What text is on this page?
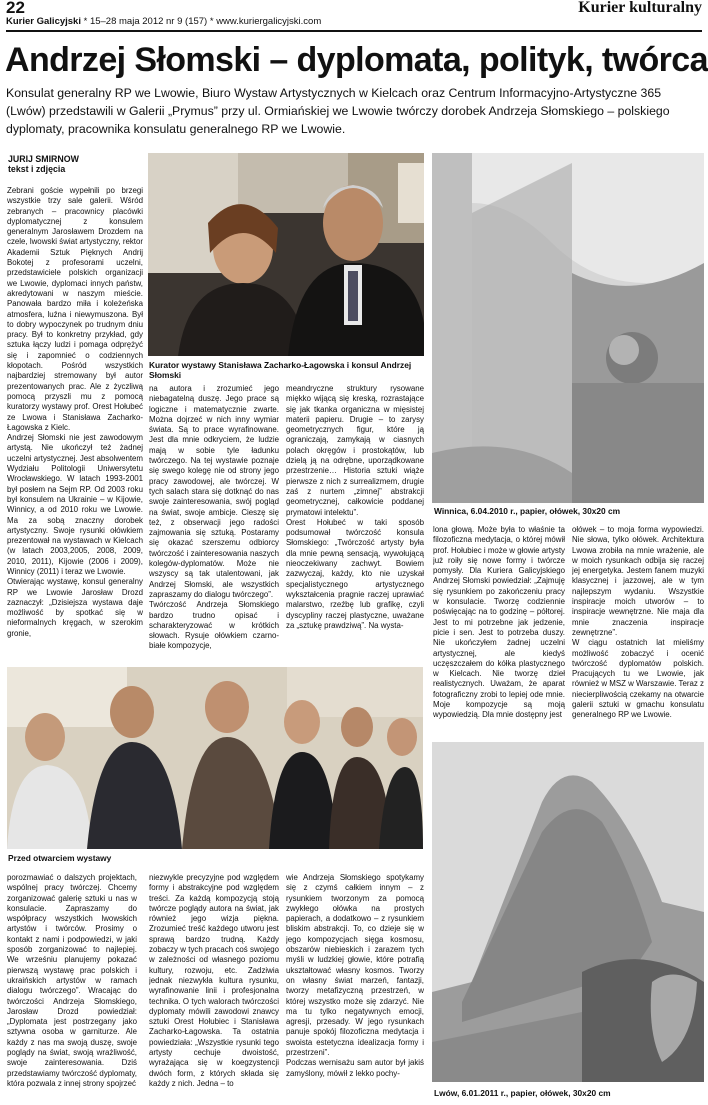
22
Kurier Galicyjski * 15–28 maja 2012 nr 9 (157) * www.kuriergalicyjski.com
Kurier kulturalny
Andrzej Słomski – dyplomata, polityk, twórca
Konsulat generalny RP we Lwowie, Biuro Wystaw Artystycznych w Kielcach oraz Centrum Informacyjno-Artystyczne 365 (Lwów) przedstawili w Galerii „Prymus” przy ul. Ormiańskiej we Lwowie twórczy dorobek Andrzeja Słomskiego – polskiego dyplomaty, pracownika konsulatu generalnego RP we Lwowie.
JURIJ SMIRNOW
tekst i zdjęcia
Zebrani goście wypełnili po brzegi wszystkie trzy sale galerii. Wśród zebranych – pracownicy placówki dyplomatycznej z konsulem generalnym Jarosławem Drozdem na czele, lwowski świat artystyczny, rektor Akademii Sztuk Pięknych Andrij Bokotej z profesorami uczelni, przedstawiciele polskich organizacji we Lwowie, dyplomaci innych państw, akredytowani w naszym mieście. Panowała bardzo miła i koleżeńska atmosfera, luźna i niewymuszona. Był to dobry wypoczynek po trudnym dniu pracy. Był to konkretny przykład, gdy sztuka łączy ludzi i pomaga odprężyć się i zapomnieć o codziennych kłopotach. Pośród wszystkich najbardziej stremowany był autor prezentowanych prac. Ale z życzliwą pomocą przyszli mu z pomocą kuratorzy wystawy prof. Orest Hołubeć ze Lwowa i Stanisława Zacharko-Łagowska z Kielc.
Andrzej Słomski nie jest zawodowym artystą. Nie ukończył też żadnej uczelni artystycznej. Jest absolwentem Wydziału Politologii Uniwersytetu Wrocławskiego. W latach 1993-2001 był posłem na Sejm RP. Od 2003 roku był konsulem na Ukrainie – w Kijowie, Winnicy, a od 2010 roku we Lwowie. Ma za sobą znaczny dorobek artystyczny. Swoje rysunki ołówkiem prezentował na wystawach w Kielcach (w latach 2003,2005, 2008, 2009, 2010, 2011), Kijowie (2006 i 2009), Winnicy (2011) i teraz we Lwowie.
Otwierając wystawę, konsul generalny RP we Lwowie Jarosław Drozd zaznaczył: „Dzisiejsza wystawa daje możliwość by spotkać się w nieformalnych kręgach, w szerokim gronie,
Kurator wystawy Stanisława Zacharko-Łagowska i konsul Andrzej Słomski
na autora i zrozumieć jego niebagatelną duszę. Jego prace są logiczne i matematycznie zwarte. Można dojrzeć w nich inny wymiar świata. Są to prace wyrafinowane. Jest dla mnie odkryciem, że ludzie mają w sobie tyle ładunku twórczego. Na tej wystawie poznaje się swego kolegę nie od strony jego pracy zawodowej, ale twórczej. W tych salach stara się dotknąć do nas swoje zainteresowania, swój pogląd na świat, swoje ambicje. Cieszę się też, z obserwacji jego radości zajmowania się sztuką. Postaramy się okazać szerszemu odbiorcy twórczość i zainteresowania naszych kolegów-dyplomatów. Może nie wszyscy są tak utalentowani, jak Andrzej Słomski, ale wszystkich zapraszamy do dialogu twórczego”.
Twórczość Andrzeja Słomskiego bardzo trudno opisać i scharakteryzować w krótkich słowach. Rysuje ołówkiem czarno-białe kompozycje,
meandryczne struktury rysowane miękko wijącą się kreską, rozrastające się jak tkanka organiczna w mięsistej materii papieru. Drugie – to zarysy geometrycznych figur, które ją ograniczają, zamykają w ciasnych polach okręgów i prostokątów, lub dzielą ją na odrębne, uporządkowane przestrzenie… Historia sztuki wiąże pierwsze z nich z surrealizmem, drugie zaś z nurtem „zimnej” abstrakcji geometrycznej, całkowicie poddanej prymatowi intelektu”.
Orest Hołubeć w taki sposób podsumował twórczość konsula Słomskiego: „Twórczość artysty była dla mnie pewną sensacją, wywołującą nieoczekiwany zachwyt. Bowiem zazwyczaj, każdy, kto nie uzyskał specjalistycznego artystycznego wykształcenia pragnie raczej uprawiać malarstwo, rzeźbę lub grafikę, czyli dyscypliny raczej plastyczne, uważane za „sztukę prawdziwą”. Na wysta-
Winnica, 6.04.2010 r., papier, ołówek, 30x20 cm
lona głową. Może była to właśnie ta filozoficzna medytacja, o której mówił prof. Hołubiec i może w głowie artysty już roiły się nowe formy i twórcze pomysły. Dla Kuriera Galicyjskiego Andrzej Słomski powiedział: „Zajmuję się rysunkiem po zakończeniu pracy w konsulacie. Tworzę codziennie poświęcając na to godzinę – półtorej. Jest to mi potrzebne jak jedzenie, picie i sen. Jest to potrzeba duszy. Nie ukończyłem żadnej uczelni artystycznej, ale kiedyś uczęszczałem do kółka plastycznego w Kielcach. Nie tworzę dzieł realistycznych. Uważam, że aparat fotograficzny zrobi to lepiej ode mnie. Moje kompozycje są moją wypowiedzią. Dla mnie dostępny jest
ołówek – to moja forma wypowiedzi. Nie słowa, tylko ołówek. Architektura Lwowa zrobiła na mnie wrażenie, ale w moich rysunkach odbija się raczej jej energetyka. Jestem fanem muzyki klasycznej i jazzowej, ale w tym najlepszym wydaniu. Wszystkie inspiracje moich utworów – to inspiracje wewnętrzne. Nie maja dla mnie znaczenia inspiracje zewnętrzne”.
W ciągu ostatnich lat mieliśmy możliwość zobaczyć i ocenić twórczość dyplomatów polskich. Pracujących tu we Lwowie, jak również w MSZ w Warszawie. Teraz z niecierpliwością czekamy na otwarcie galerii sztuki w gmachu konsulatu generalnego RP we Lwowie.
Przed otwarciem wystawy
porozmawiać o dalszych projektach, wspólnej pracy twórczej. Chcemy zorganizować galerię sztuki u nas w konsulacie. Zapraszamy do współpracy wszystkich lwowskich artystów i twórców. Prosimy o kontakt z nami i podpowiedzi, w jaki sposób zorganizować to najlepiej. We wrześniu planujemy pokazać pierwszą wystawę prac polskich i ukraińskich artystów w ramach dialogu twórczego”. Wracając do twórczości Andrzeja Słomskiego, Jarosław Drozd powiedział: „Dyplomata jest postrzegany jako sztywna osoba w garniturze. Ale każdy z nas ma swoją duszę, swoje poglądy na świat, swoją wrażliwość, swoje zainteresowania. Dziś przedstawiamy twórczość dyplomaty, która pozwala z innej strony spojrzeć
niezwykle precyzyjne pod względem formy i abstrakcyjne pod względem treści. Za każdą kompozycją stoją twórcze poglądy autora na świat, jak również jego wizja piękna. Zrozumieć treść każdego utworu jest sprawą bardzo trudną. Każdy zobaczy w tych pracach coś swojego w zależności od własnego poziomu kultury, rozwoju, etc. Zadziwia jednak niezwykła kultura rysunku, wyrafinowanie linii i profesjonalna technika. O tych walorach twórczości dyplomaty mówili zawodowi znawcy sztuki Orest Hołubiec i Stanisława Zacharko-Łagowska. Ta ostatnia powiedziała: „Wszystkie rysunki tego artysty cechuje dwoistość, wyrażająca się w koegzystencji dwóch form, z których składa się każdy z nich. Jedna – to
wie Andrzeja Słomskiego spotykamy się z czymś całkiem innym – z rysunkiem tworzonym za pomocą zwykłego ołówka na prostych papierach, a dodatkowo – z rysunkiem bliskim abstrakcji. To, co dzieje się w jego kompozycjach sięga kosmosu, obszarów niebieskich i zarazem tych myśli w ludzkiej głowie, które potrafią ukształtować własny kosmos. Tworzy on własny świat marzeń, fantazji, tworzy metafizyczną przestrzeń, w której wszystko może się zdarzyć. Nie ma tu tylko negatywnych emocji, agresji, przesady. W jego rysunkach panuje spokój filozoficzna medytacja i swoista estetyczna idealizacja formy i przestrzeni”.
Podczas wernisażu sam autor był jakiś zamyślony, mówił z lekko pochy-
Lwów, 6.01.2011 r., papier, ołówek, 30x20 cm
